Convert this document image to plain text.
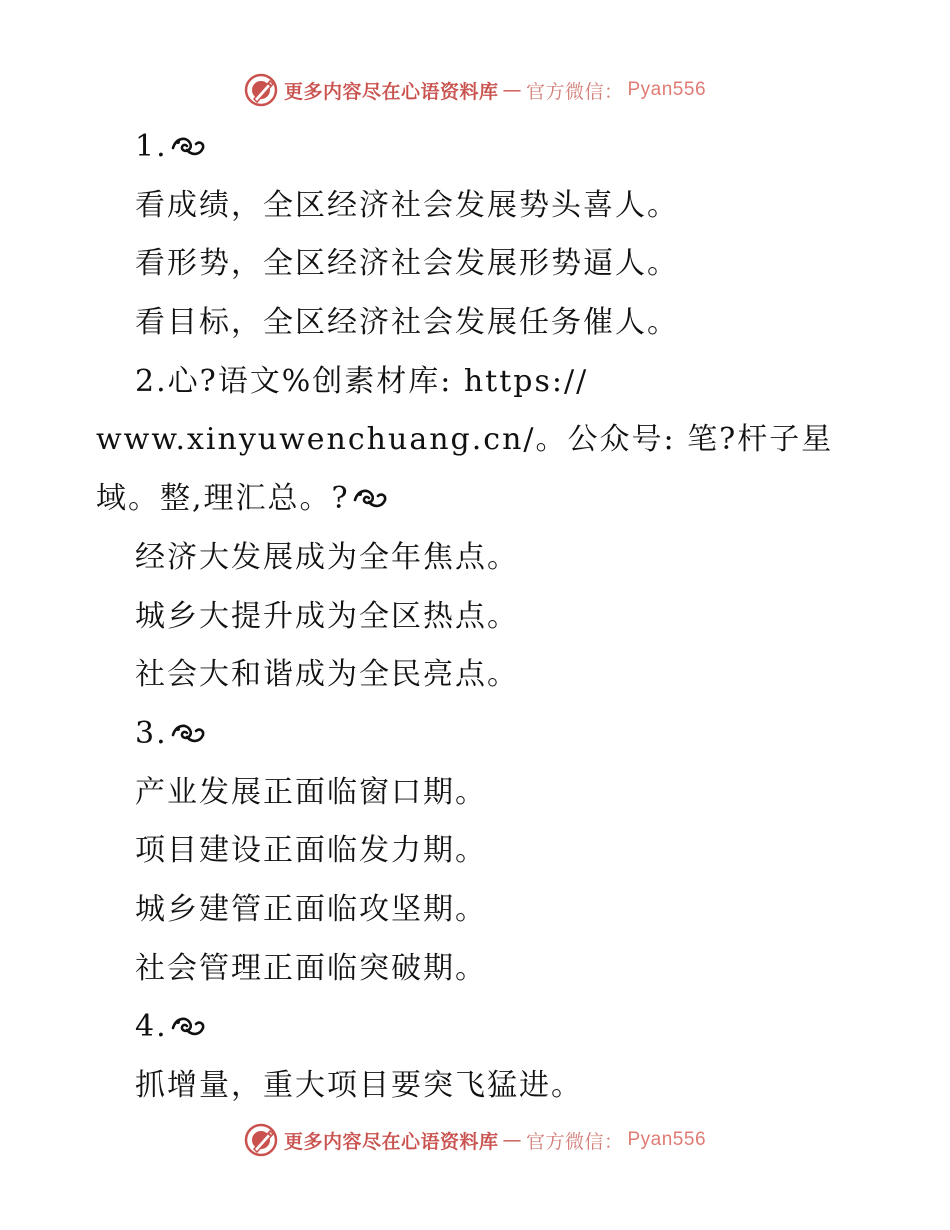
更多内容尽在心语资料库 — 官方微信： Pyan556
1.
看成绩，全区经济社会发展势头喜人。
看形势，全区经济社会发展形势逼人。
看目标，全区经济社会发展任务催人。
2.心?语文%创素材库: https://
www.xinyuwenchuang.cn/。公众号: 笔?杆子星
域。整,理汇总。?
经济大发展成为全年焦点。
城乡大提升成为全区热点。
社会大和谐成为全民亮点。
3.
产业发展正面临窗口期。
项目建设正面临发力期。
城乡建管正面临攻坚期。
社会管理正面临突破期。
4.
抓增量，重大项目要突飞猛进。
更多内容尽在心语资料库 — 官方微信： Pyan556
